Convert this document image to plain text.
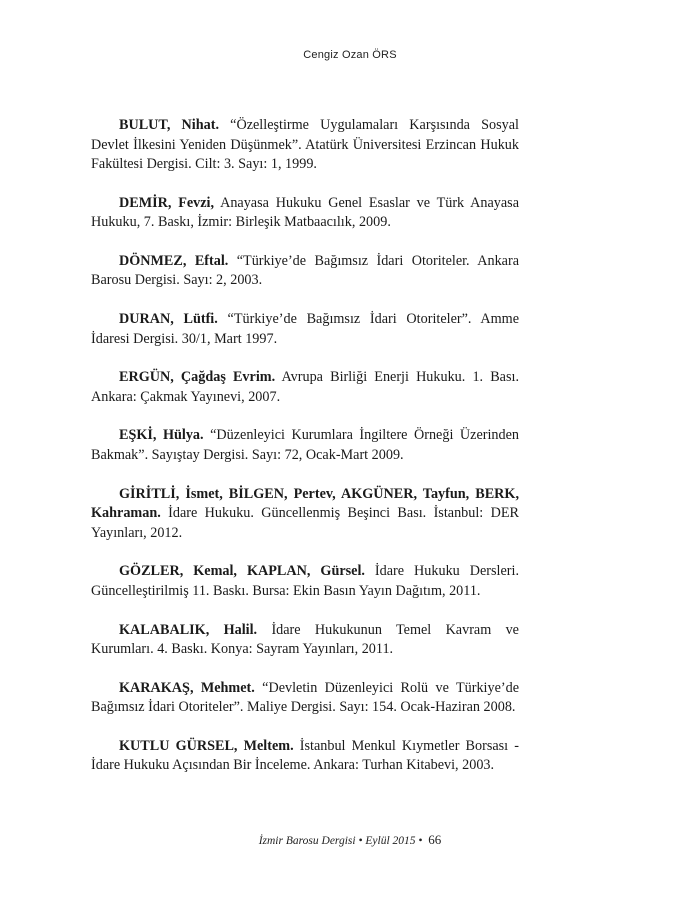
Cengiz Ozan ÖRS

BULUT, Nihat. “Özelleştirme Uygulamaları Karşısında Sosyal Devlet İlkesini Yeniden Düşünmek”. Atatürk Üniversitesi Erzincan Hukuk Fakültesi Dergisi. Cilt: 3. Sayı: 1, 1999.

DEMİR, Fevzi, Anayasa Hukuku Genel Esaslar ve Türk Anayasa Hukuku, 7. Baskı, İzmir: Birleşik Matbaacılık, 2009.

DÖNMEZ, Eftal. “Türkiye’de Bağımsız İdari Otoriteler. Ankara Barosu Dergisi. Sayı: 2, 2003.

DURAN, Lütfi. “Türkiye’de Bağımsız İdari Otoriteler”. Amme İdaresi Dergisi. 30/1, Mart 1997.

ERGÜN, Çağdaş Evrim. Avrupa Birliği Enerji Hukuku. 1. Bası. Ankara: Çakmak Yayınevi, 2007.

EŞKİ, Hülya. “Düzenleyici Kurumlara İngiltere Örneği Üzerinden Bakmak”. Sayıştay Dergisi. Sayı: 72, Ocak-Mart 2009.

GİRİTLİ, İsmet, BİLGEN, Pertev, AKGÜNER, Tayfun, BERK, Kahraman. İdare Hukuku. Güncellenmiş Beşinci Bası. İstanbul: DER Yayınları, 2012.

GÖZLER, Kemal, KAPLAN, Gürsel. İdare Hukuku Dersleri. Güncelleştirilmiş 11. Baskı. Bursa: Ekin Basın Yayın Dağıtım, 2011.

KALABALIK, Halil. İdare Hukukunun Temel Kavram ve Kurumları. 4. Baskı. Konya: Sayram Yayınları, 2011.

KARAKAŞ, Mehmet. “Devletin Düzenleyici Rolü ve Türkiye’de Bağımsız İdari Otoriteler”. Maliye Dergisi. Sayı: 154. Ocak-Haziran 2008.

KUTLU GÜRSEL, Meltem. İstanbul Menkul Kıymetler Borsası - İdare Hukuku Açısından Bir İnceleme. Ankara: Turhan Kitabevi, 2003.

İzmir Barosu Dergisi • Eylül 2015 • 66
